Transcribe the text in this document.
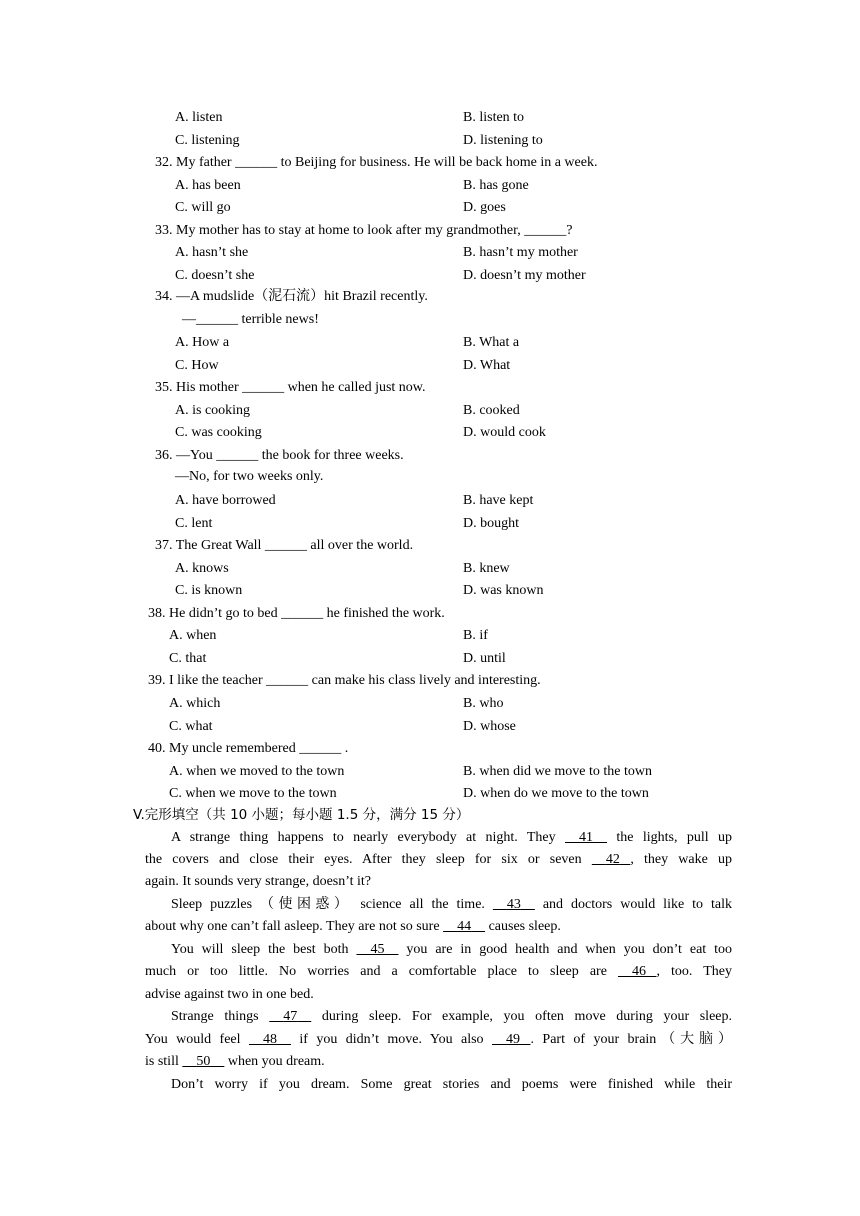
A. listen	B. listen to
C. listening	D. listening to
32. My father ______ to Beijing for business. He will be back home in a week.
A. has been	B. has gone
C. will go	D. goes
33. My mother has to stay at home to look after my grandmother, ______?
A. hasn’t she	B. hasn’t my mother
C. doesn’t she	D. doesn’t my mother
34. —A mudslide（泥石流）hit Brazil recently.
—______ terrible news!
A. How a	B. What a
C. How	D. What
35. His mother ______ when he called just now.
A. is cooking	B. cooked
C. was cooking	D. would cook
36. —You ______ the book for three weeks.
—No, for two weeks only.
A. have borrowed	B. have kept
C. lent	D. bought
37. The Great Wall ______ all over the world.
A. knows	B. knew
C. is known	D. was known
38. He didn’t go to bed ______ he finished the work.
A. when	B. if
C. that	D. until
39. I like the teacher ______ can make his class lively and interesting.
A. which	B. who
C. what	D. whose
40. My uncle remembered ______ .
A. when we moved to the town	B. when did we move to the town
C. when we move to the town	D. when do we move to the town
V.完形填空（共 10 小题；每小题 1.5 分，满分 15 分）
A strange thing happens to nearly everybody at night. They 41 the lights, pull up
the covers and close their eyes. After they sleep for six or seven 42 , they wake up
again. It sounds very strange, doesn’t it?
Sleep puzzles （使困惑） science all the time. 43 and doctors would like to talk
about why one can’t fall asleep. They are not so sure 44 causes sleep.
You will sleep the best both 45 you are in good health and when you don’t eat too
much or too little. No worries and a comfortable place to sleep are 46 , too. They
advise against two in one bed.
Strange things 47 during sleep. For example, you often move during your sleep.
You would feel 48 if you didn’t move. You also 49 . Part of your brain（大脑）
is still 50 when you dream.
Don’t worry if you dream. Some great stories and poems were finished while their
